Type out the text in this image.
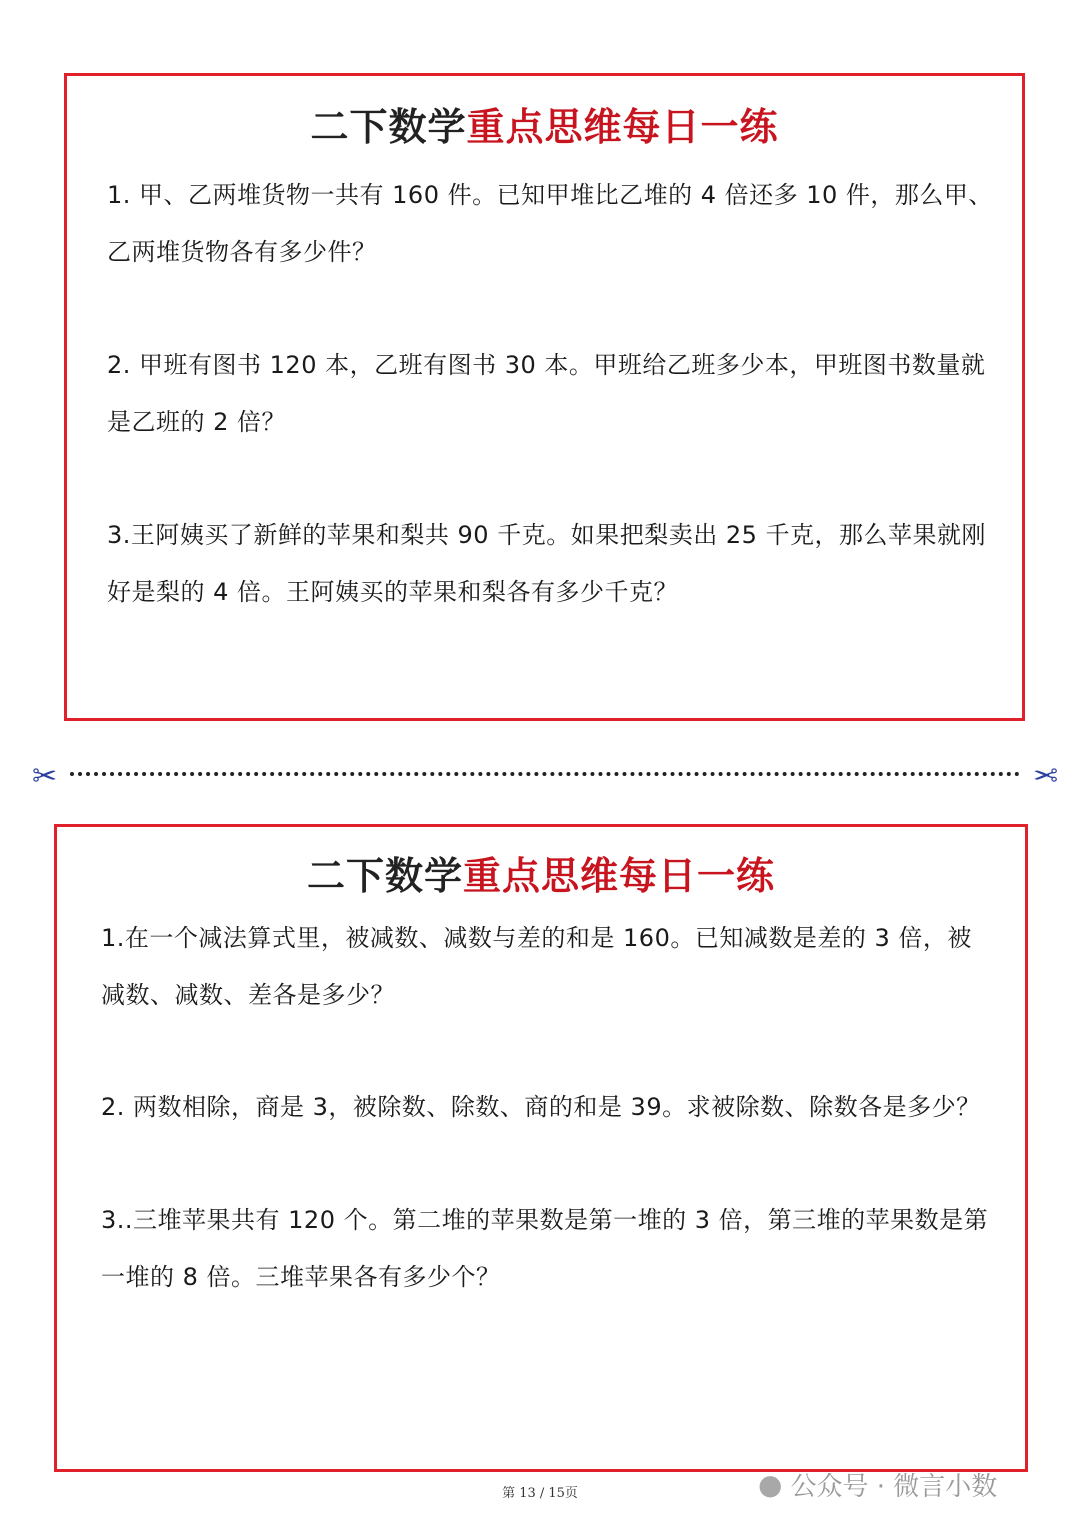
二下数学重点思维每日一练

1. 甲、乙两堆货物一共有 160 件。已知甲堆比乙堆的 4 倍还多 10 件，那么甲、乙两堆货物各有多少件？

2. 甲班有图书 120 本，乙班有图书 30 本。甲班给乙班多少本，甲班图书数量就是乙班的 2 倍？

3.王阿姨买了新鲜的苹果和梨共 90 千克。如果把梨卖出 25 千克，那么苹果就刚好是梨的 4 倍。王阿姨买的苹果和梨各有多少千克？

✂	✂
二下数学重点思维每日一练

1.在一个减法算式里，被减数、减数与差的和是 160。已知减数是差的 3 倍，被减数、减数、差各是多少？

2. 两数相除，商是 3，被除数、除数、商的和是 39。求被除数、除数各是多少？

3..三堆苹果共有 120 个。第二堆的苹果数是第一堆的 3 倍，第三堆的苹果数是第一堆的 8 倍。三堆苹果各有多少个？

第 13 / 15页	● 公众号 · 微言小数
